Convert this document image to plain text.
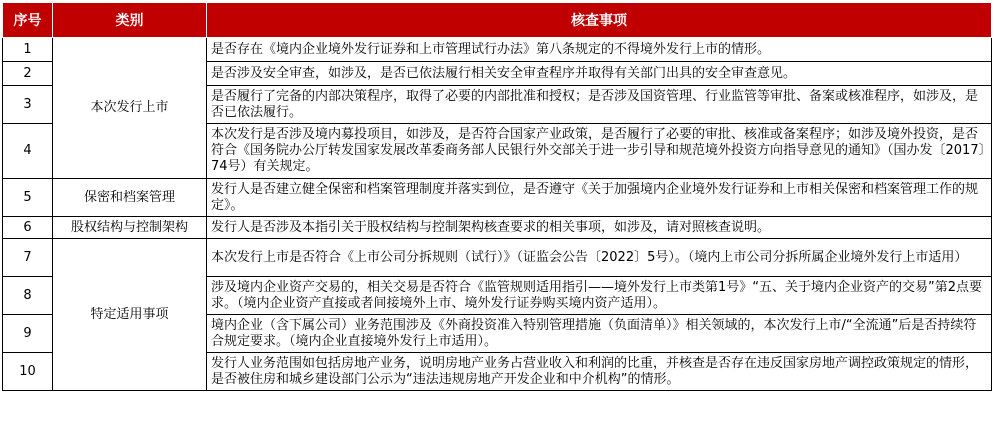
序号	类别	核查事项
1	本次发行上市	是否存在《境内企业境外发行证券和上市管理试行办法》第八条规定的不得境外发行上市的情形。
2		是否涉及安全审查，如涉及，是否已依法履行相关安全审查程序并取得有关部门出具的安全审查意见。
3		是否履行了完备的内部决策程序，取得了必要的内部批准和授权；是否涉及国资管理、行业监管等审批、备案或核准程序，如涉及，是否已依法履行。
4		本次发行是否涉及境内募投项目，如涉及，是否符合国家产业政策，是否履行了必要的审批、核准或备案程序；如涉及境外投资，是否符合《国务院办公厅转发国家发展改革委商务部人民银行外交部关于进一步引导和规范境外投资方向指导意见的通知》（国办发〔2017〕74号）有关规定。
5	保密和档案管理	发行人是否建立健全保密和档案管理制度并落实到位，是否遵守《关于加强境内企业境外发行证券和上市相关保密和档案管理工作的规定》。
6	股权结构与控制架构	发行人是否涉及本指引关于股权结构与控制架构核查要求的相关事项，如涉及，请对照核查说明。
7	特定适用事项	本次发行上市是否符合《上市公司分拆规则（试行）》（证监会公告〔2022〕5号）。（境内上市公司分拆所属企业境外发行上市适用）
8		涉及境内企业资产交易的，相关交易是否符合《监管规则适用指引——境外发行上市类第1号》“五、关于境内企业资产的交易”第2点要求。（境内企业资产直接或者间接境外上市、境外发行证券购买境内资产适用）。
9		境内企业（含下属公司）业务范围涉及《外商投资准入特别管理措施（负面清单）》相关领域的，本次发行上市/“全流通”后是否持续符合规定要求。（境内企业直接境外发行上市适用）。
10		发行人业务范围如包括房地产业务，说明房地产业务占营业收入和利润的比重，并核查是否存在违反国家房地产调控政策规定的情形，是否被住房和城乡建设部门公示为“违法违规房地产开发企业和中介机构”的情形。
